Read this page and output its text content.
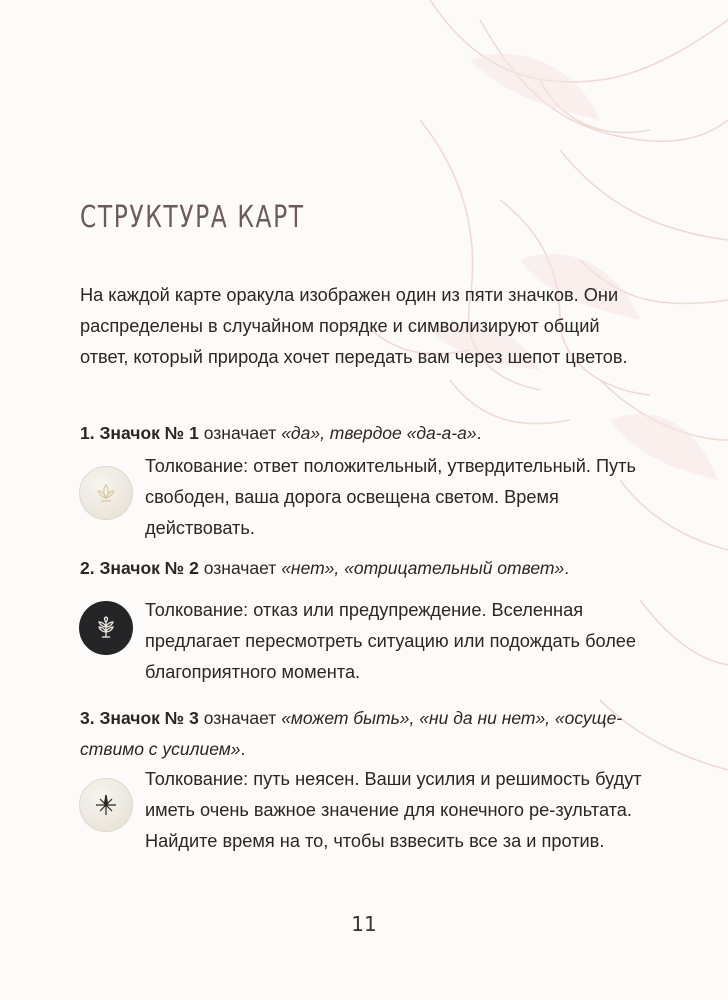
СТРУКТУРА КАРТ

На каждой карте оракула изображен один из пяти значков. Они распределены в случайном порядке и символизируют общий ответ, который природа хочет передать вам через шепот цветов.

1. Значок № 1 означает «да», твердое «да-а-а».

Толкование: ответ положительный, утвердительный. Путь свободен, ваша дорога освещена светом. Время действовать.

2. Значок № 2 означает «нет», «отрицательный ответ».

Толкование: отказ или предупреждение. Вселенная предлагает пересмотреть ситуацию или подождать более благоприятного момента.

3. Значок № 3 означает «может быть», «ни да ни нет», «осуще-ствимо с усилием».

Толкование: путь неясен. Ваши усилия и решимость будут иметь очень важное значение для конечного ре-зультата. Найдите время на то, чтобы взвесить все за и против.

11
